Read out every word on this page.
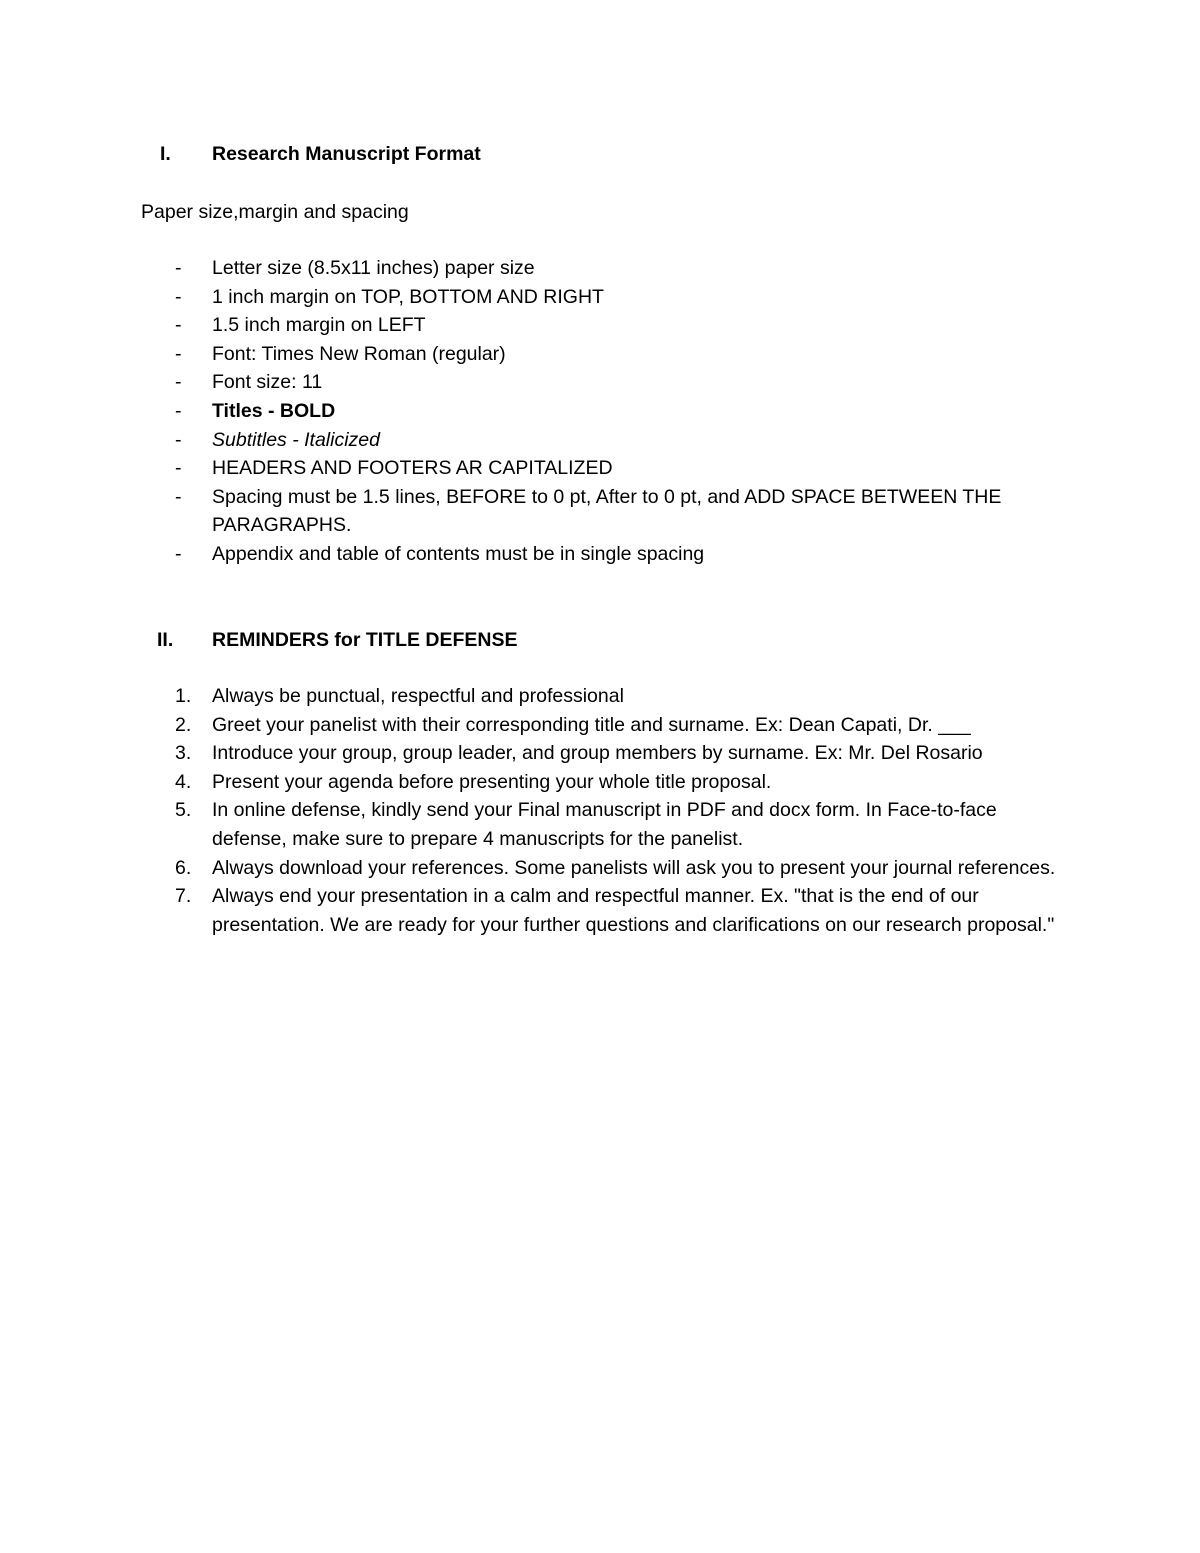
I. Research Manuscript Format
Paper size,margin and spacing
- Letter size (8.5x11 inches) paper size
- 1 inch margin on TOP, BOTTOM AND RIGHT
- 1.5 inch margin on LEFT
- Font: Times New Roman (regular)
- Font size: 11
- Titles - BOLD
- Subtitles - Italicized
- HEADERS AND FOOTERS AR CAPITALIZED
- Spacing must be 1.5 lines, BEFORE to 0 pt, After to 0 pt, and ADD SPACE BETWEEN THE PARAGRAPHS.
- Appendix and table of contents must be in single spacing
II. REMINDERS for TITLE DEFENSE
1. Always be punctual, respectful and professional
2. Greet your panelist with their corresponding title and surname. Ex: Dean Capati, Dr. ___
3. Introduce your group, group leader, and group members by surname. Ex: Mr. Del Rosario
4. Present your agenda before presenting your whole title proposal.
5. In online defense, kindly send your Final manuscript in PDF and docx form. In Face-to-face defense, make sure to prepare 4 manuscripts for the panelist.
6. Always download your references. Some panelists will ask you to present your journal references.
7. Always end your presentation in a calm and respectful manner. Ex. "that is the end of our presentation. We are ready for your further questions and clarifications on our research proposal."
